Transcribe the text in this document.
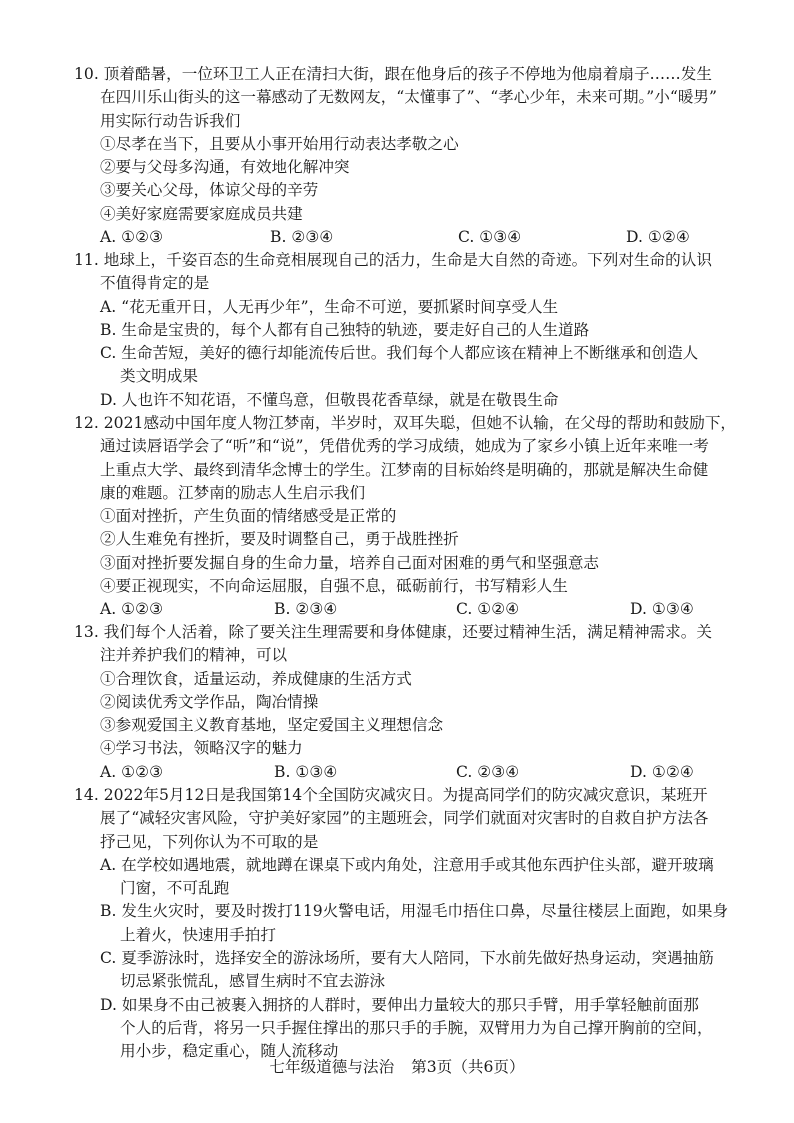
10. 顶着酷暑，一位环卫工人正在清扫大街，跟在他身后的孩子不停地为他扇着扇子……发生
在四川乐山街头的这一幕感动了无数网友，“太懂事了”、“孝心少年，未来可期。”小“暖男”
用实际行动告诉我们
①尽孝在当下，且要从小事开始用行动表达孝敬之心
②要与父母多沟通，有效地化解冲突
③要关心父母，体谅父母的辛劳
④美好家庭需要家庭成员共建
A. ①②③	B. ②③④	C. ①③④	D. ①②④
11. 地球上，千姿百态的生命竞相展现自己的活力，生命是大自然的奇迹。下列对生命的认识
不值得肯定的是
A. “花无重开日，人无再少年”，生命不可逆，要抓紧时间享受人生
B. 生命是宝贵的，每个人都有自己独特的轨迹，要走好自己的人生道路
C. 生命苦短，美好的德行却能流传后世。我们每个人都应该在精神上不断继承和创造人
类文明成果
D. 人也许不知花语，不懂鸟意，但敬畏花香草绿，就是在敬畏生命
12. 2021感动中国年度人物江梦南，半岁时，双耳失聪，但她不认输，在父母的帮助和鼓励下，
通过读唇语学会了“听”和“说”，凭借优秀的学习成绩，她成为了家乡小镇上近年来唯一考
上重点大学、最终到清华念博士的学生。江梦南的目标始终是明确的，那就是解决生命健
康的难题。江梦南的励志人生启示我们
①面对挫折，产生负面的情绪感受是正常的
②人生难免有挫折，要及时调整自己，勇于战胜挫折
③面对挫折要发掘自身的生命力量，培养自己面对困难的勇气和坚强意志
④要正视现实，不向命运屈服，自强不息，砥砺前行，书写精彩人生
A. ①②③	B. ②③④	C. ①②④	D. ①③④
13. 我们每个人活着，除了要关注生理需要和身体健康，还要过精神生活，满足精神需求。关
注并养护我们的精神，可以
①合理饮食，适量运动，养成健康的生活方式
②阅读优秀文学作品，陶冶情操
③参观爱国主义教育基地，坚定爱国主义理想信念
④学习书法，领略汉字的魅力
A. ①②③	B. ①③④	C. ②③④	D. ①②④
14. 2022年5月12日是我国第14个全国防灾减灾日。为提高同学们的防灾减灾意识，某班开
展了“减轻灾害风险，守护美好家园”的主题班会，同学们就面对灾害时的自救自护方法各
抒己见，下列你认为不可取的是
A. 在学校如遇地震，就地蹲在课桌下或内角处，注意用手或其他东西护住头部，避开玻璃
门窗，不可乱跑
B. 发生火灾时，要及时拨打119火警电话，用湿毛巾捂住口鼻，尽量往楼层上面跑，如果身
上着火，快速用手拍打
C. 夏季游泳时，选择安全的游泳场所，要有大人陪同，下水前先做好热身运动，突遇抽筋
切忌紧张慌乱，感冒生病时不宜去游泳
D. 如果身不由己被裹入拥挤的人群时，要伸出力量较大的那只手臂，用手掌轻触前面那
个人的后背，将另一只手握住撑出的那只手的手腕，双臂用力为自己撑开胸前的空间，
用小步，稳定重心，随人流移动
七年级道德与法治 第3页（共6页）
